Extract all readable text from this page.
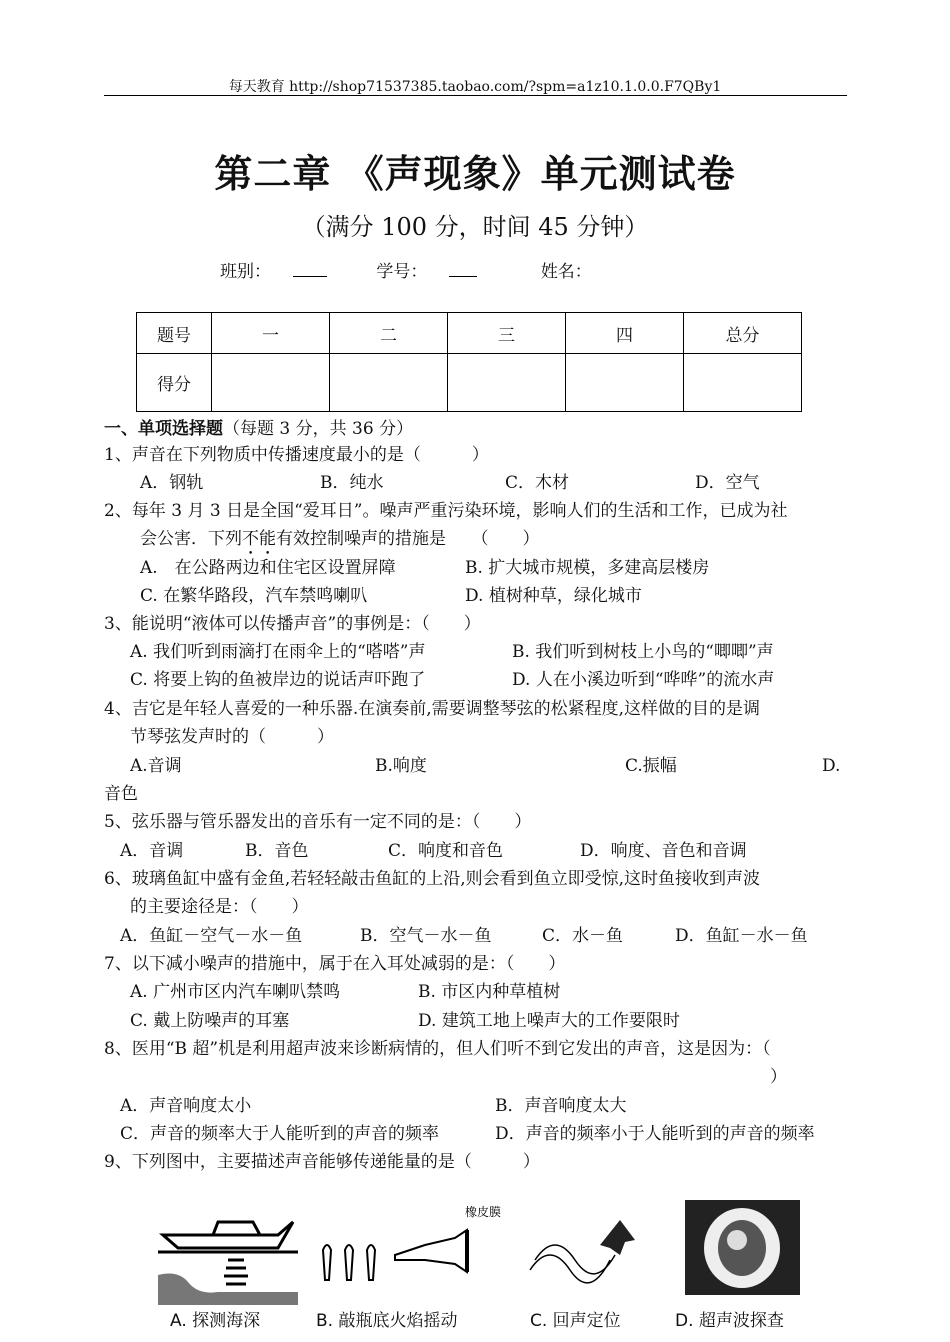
每天教育 http://shop71537385.taobao.com/?spm=a1z10.1.0.0.F7QBy1
第二章 《声现象》单元测试卷
（满分 100 分，时间 45 分钟）
班别：	学号：	姓名：
题号	一	二	三	四	总分
得分					
一、单项选择题（每题 3 分，共 36 分）
1、声音在下列物质中传播速度最小的是（　　　）
A．钢轨	B．纯水	C．木材	D．空气
2、每年 3 月 3 日是全国“爱耳日”。噪声严重污染环境，影响人们的生活和工作，已成为社
会公害．下列不能有效控制噪声的措施是　　（　　）
A.　在公路两边和住宅区设置屏障	B. 扩大城市规模，多建高层楼房
C. 在繁华路段，汽车禁鸣喇叭	D. 植树种草，绿化城市
3、能说明“液体可以传播声音”的事例是：（　　）
A. 我们听到雨滴打在雨伞上的“嗒嗒”声	B. 我们听到树枝上小鸟的“唧唧”声
C. 将要上钩的鱼被岸边的说话声吓跑了	D. 人在小溪边听到“哗哗”的流水声
4、吉它是年轻人喜爱的一种乐器.在演奏前,需要调整琴弦的松紧程度,这样做的目的是调
节琴弦发声时的（　　　）
A.音调	B.响度	C.振幅	D.
音色
5、弦乐器与管乐器发出的音乐有一定不同的是：（　　）
A．音调	B．音色	C．响度和音色	D．响度、音色和音调
6、玻璃鱼缸中盛有金鱼,若轻轻敲击鱼缸的上沿,则会看到鱼立即受惊,这时鱼接收到声波
的主要途径是：（　　）
A．鱼缸－空气－水－鱼	B．空气－水－鱼	C．水－鱼	D．鱼缸－水－鱼
7、以下减小噪声的措施中，属于在入耳处减弱的是：（　　）
A. 广州市区内汽车喇叭禁鸣	B. 市区内种草植树
C. 戴上防噪声的耳塞	D. 建筑工地上噪声大的工作要限时
8、医用“B 超”机是利用超声波来诊断病情的，但人们听不到它发出的声音，这是因为：（
）
A．声音响度太小	B．声音响度太大
C．声音的频率大于人能听到的声音的频率	D．声音的频率小于人能听到的声音的频率
9、下列图中，主要描述声音能够传递能量的是（　　　）
橡皮膜
A. 探测海深	B. 敲瓶底火焰摇动	C. 回声定位	D. 超声波探查
